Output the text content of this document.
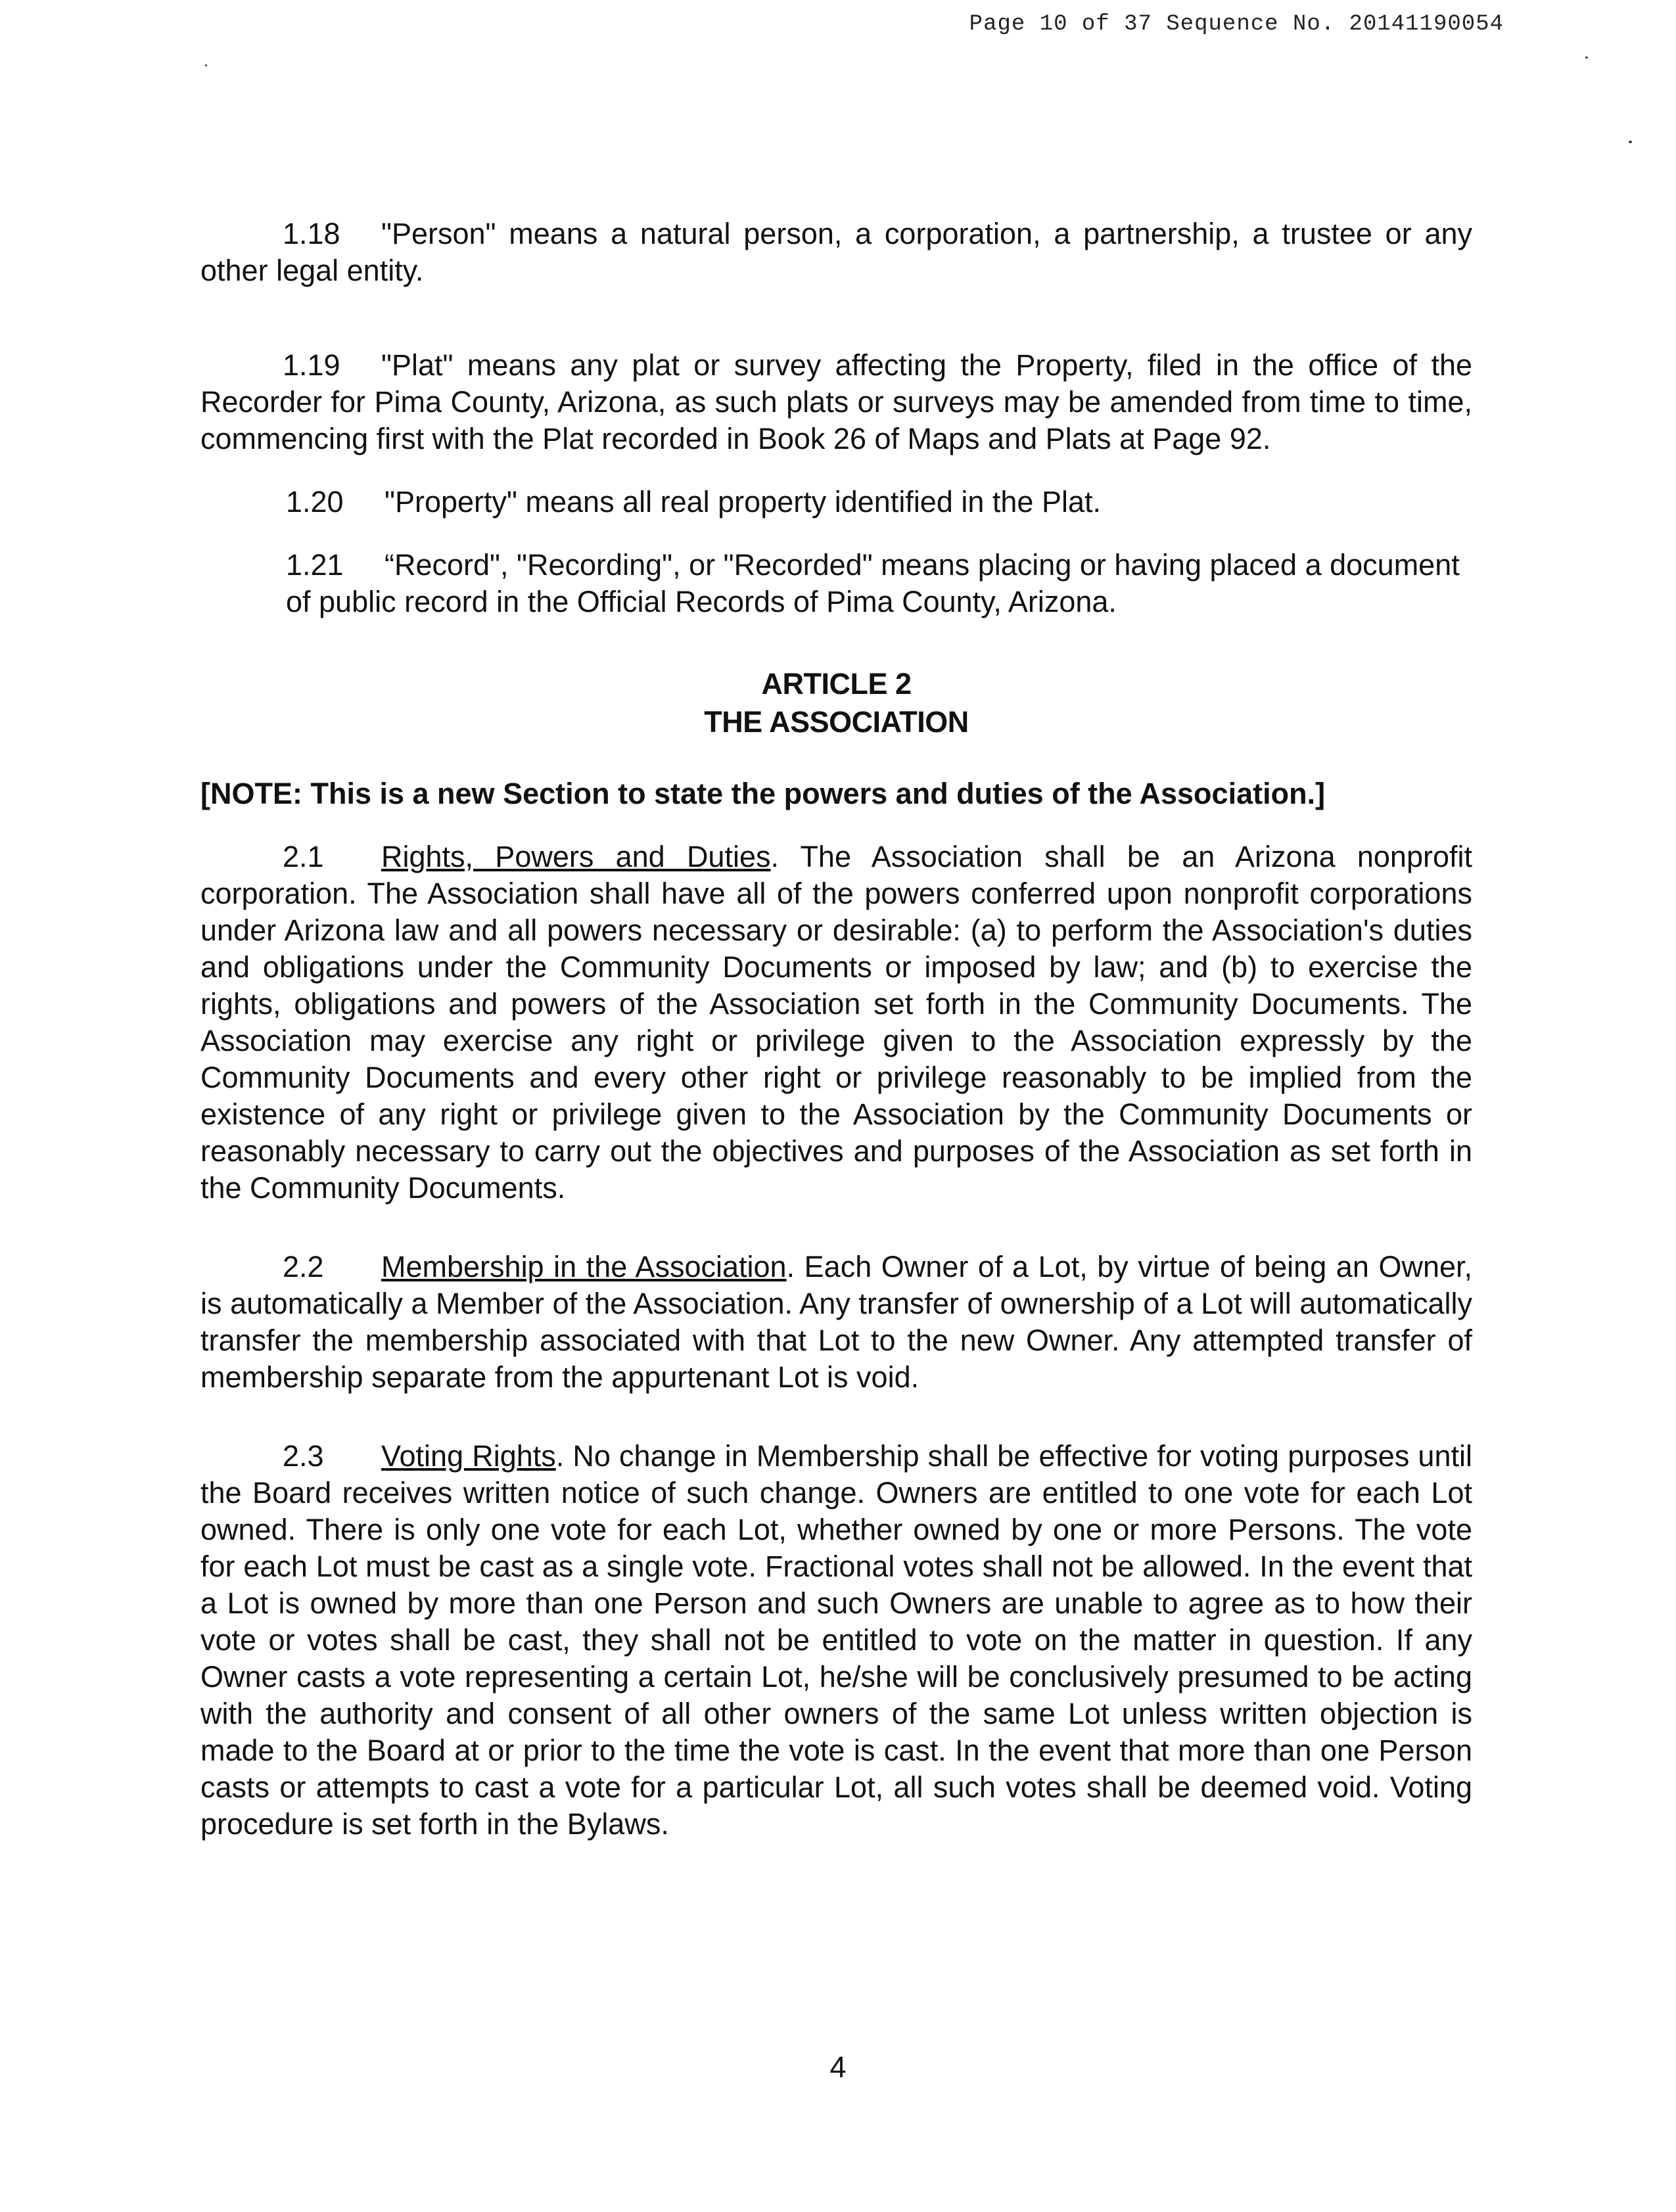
Page 10 of 37 Sequence No. 20141190054

1.18 "Person" means a natural person, a corporation, a partnership, a trustee or any other legal entity.

1.19 "Plat" means any plat or survey affecting the Property, filed in the office of the Recorder for Pima County, Arizona, as such plats or surveys may be amended from time to time, commencing first with the Plat recorded in Book 26 of Maps and Plats at Page 92.

1.20 "Property" means all real property identified in the Plat.

1.21 “Record", "Recording", or "Recorded" means placing or having placed a document of public record in the Official Records of Pima County, Arizona.

ARTICLE 2
THE ASSOCIATION

[NOTE: This is a new Section to state the powers and duties of the Association.]

2.1 Rights, Powers and Duties. The Association shall be an Arizona nonprofit corporation. The Association shall have all of the powers conferred upon nonprofit corporations under Arizona law and all powers necessary or desirable: (a) to perform the Association's duties and obligations under the Community Documents or imposed by law; and (b) to exercise the rights, obligations and powers of the Association set forth in the Community Documents. The Association may exercise any right or privilege given to the Association expressly by the Community Documents and every other right or privilege reasonably to be implied from the existence of any right or privilege given to the Association by the Community Documents or reasonably necessary to carry out the objectives and purposes of the Association as set forth in the Community Documents.

2.2 Membership in the Association. Each Owner of a Lot, by virtue of being an Owner, is automatically a Member of the Association. Any transfer of ownership of a Lot will automatically transfer the membership associated with that Lot to the new Owner. Any attempted transfer of membership separate from the appurtenant Lot is void.

2.3 Voting Rights. No change in Membership shall be effective for voting purposes until the Board receives written notice of such change. Owners are entitled to one vote for each Lot owned. There is only one vote for each Lot, whether owned by one or more Persons. The vote for each Lot must be cast as a single vote. Fractional votes shall not be allowed. In the event that a Lot is owned by more than one Person and such Owners are unable to agree as to how their vote or votes shall be cast, they shall not be entitled to vote on the matter in question. If any Owner casts a vote representing a certain Lot, he/she will be conclusively presumed to be acting with the authority and consent of all other owners of the same Lot unless written objection is made to the Board at or prior to the time the vote is cast. In the event that more than one Person casts or attempts to cast a vote for a particular Lot, all such votes shall be deemed void. Voting procedure is set forth in the Bylaws.

4
